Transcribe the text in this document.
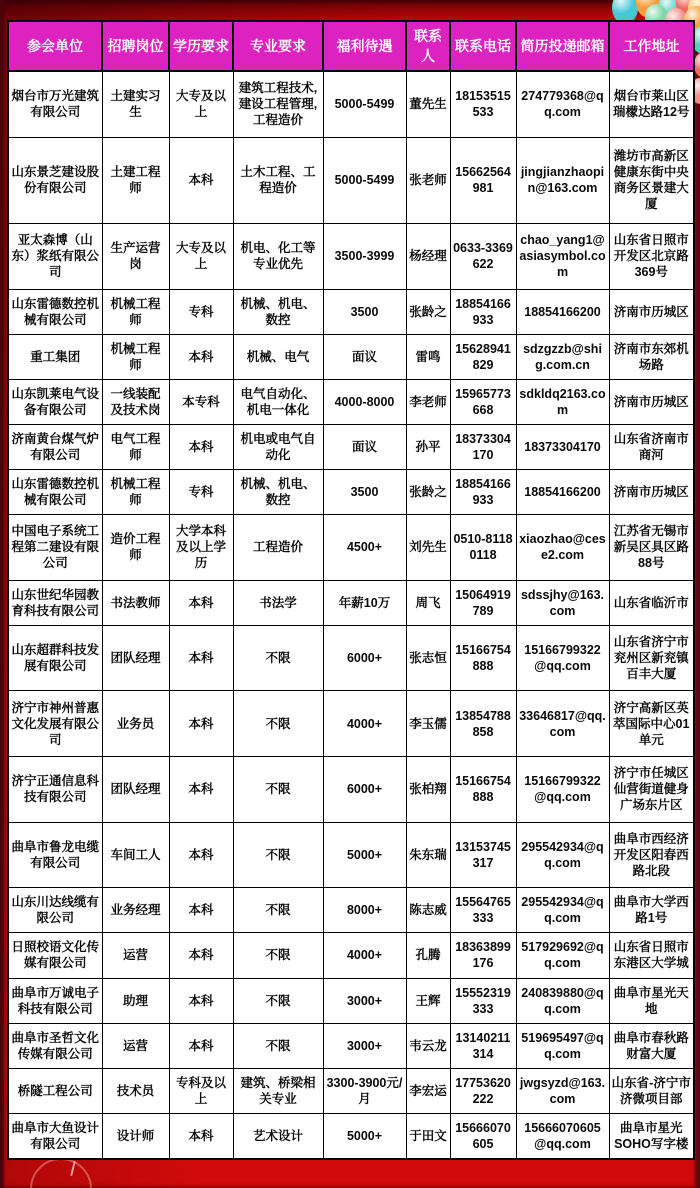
参会单位	招聘岗位	学历要求	专业要求	福利待遇	联系人	联系电话	简历投递邮箱	工作地址
烟台市万光建筑有限公司	土建实习生	大专及以上	建筑工程技术,建设工程管理,工程造价	5000-5499	董先生	18153515533	274779368@qq.com	烟台市莱山区瑞檬达路12号
山东景芝建设股份有限公司	土建工程师	本科	土木工程、工程造价	5000-5499	张老师	15662564981	jingjianzhaopin@163.com	潍坊市高新区健康东街中央商务区景建大厦
亚太森博（山东）浆纸有限公司	生产运营岗	大专及以上	机电、化工等专业优先	3500-3999	杨经理	0633-3369622	chao_yang1@asiasymbol.com	山东省日照市开发区北京路369号
山东雷德数控机械有限公司	机械工程师	专科	机械、机电、数控	3500	张龄之	18854166933	18854166200	济南市历城区
重工集团	机械工程师	本科	机械、电气	面议	雷鸣	15628941829	sdzgzzb@shig.com.cn	济南市东郊机场路
山东凯莱电气设备有限公司	一线装配及技术岗	本专科	电气自动化、机电一体化	4000-8000	李老师	15965773668	sdkldq2163.com	济南市历城区
济南黄台煤气炉有限公司	电气工程师	本科	机电或电气自动化	面议	孙平	18373304170	18373304170	山东省济南市商河
山东雷德数控机械有限公司	机械工程师	专科	机械、机电、数控	3500	张龄之	18854166933	18854166200	济南市历城区
中国电子系统工程第二建设有限公司	造价工程师	大学本科及以上学历	工程造价	4500+	刘先生	0510-81180118	xiaozhao@cese2.com	江苏省无锡市新吴区具区路88号
山东世纪华园教育科技有限公司	书法教师	本科	书法学	年薪10万	周飞	15064919789	sdssjhy@163.com	山东省临沂市
山东超群科技发展有限公司	团队经理	本科	不限	6000+	张志恒	15166754888	15166799322@qq.com	山东省济宁市兖州区新兖镇百丰大厦
济宁市神州普惠文化发展有限公司	业务员	本科	不限	4000+	李玉儒	13854788858	33646817@qq.com	济宁高新区英萃国际中心01单元
济宁正通信息科技有限公司	团队经理	本科	不限	6000+	张柏翔	15166754888	15166799322@qq.com	济宁市任城区仙营街道健身广场东片区
曲阜市鲁龙电缆有限公司	车间工人	本科	不限	5000+	朱东瑞	13153745317	295542934@qq.com	曲阜市西经济开发区阳春西路北段
山东川达线缆有限公司	业务经理	本科	不限	8000+	陈志威	15564765333	295542934@qq.com	曲阜市大学西路1号
日照校语文化传媒有限公司	运营	本科	不限	4000+	孔腾	18363899176	517929692@qq.com	山东省日照市东港区大学城
曲阜市万诚电子科技有限公司	助理	本科	不限	3000+	王辉	15552319333	240839880@qq.com	曲阜市星光天地
曲阜市圣哲文化传媒有限公司	运营	本科	不限	3000+	韦云龙	13140211314	519695497@qq.com	曲阜市春秋路财富大厦
桥隧工程公司	技术员	专科及以上	建筑、桥梁相关专业	3300-3900元/月	李宏运	17753620222	jwgsyzd@163.com	山东省-济宁市济微项目部
曲阜市大鱼设计有限公司	设计师	本科	艺术设计	5000+	于田文	15666070605	15666070605@qq.com	曲阜市星光SOHO写字楼
